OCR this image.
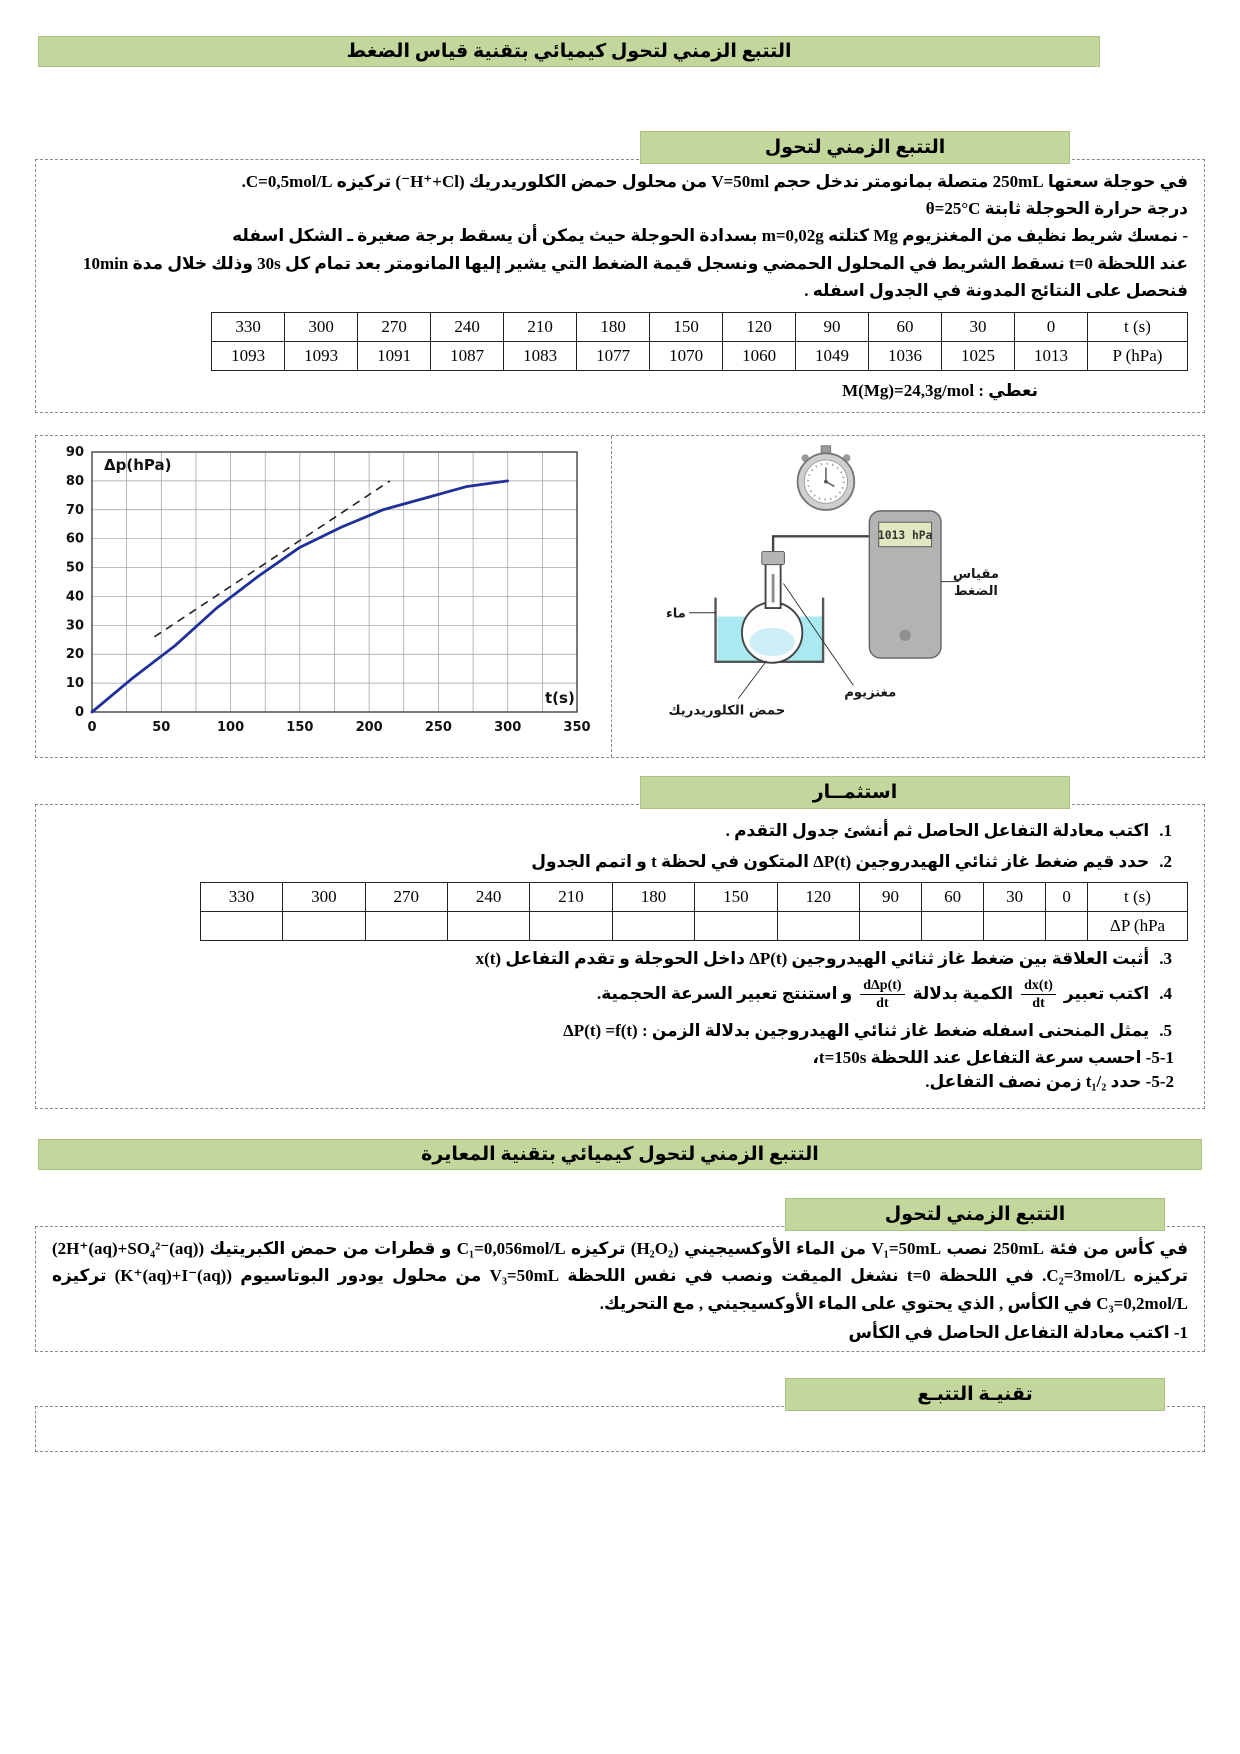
التتبع الزمني لتحول كيميائي بتقنية قياس الضغط
التتبع الزمني لتحول

في حوجلة سعتها 250mL متصلة بمانومتر ندخل حجم V=50ml من محلول حمض الكلوريدريك (H⁺+Cl⁻) تركيزه C=0,5mol/L.

درجة حرارة الحوجلة ثابتة θ=25°C

- نمسك شريط نظيف من المغنزيوم Mg كتلته m=0,02g بسدادة الحوجلة حيث يمكن أن يسقط برجة صغيرة ـ الشكل اسفله

عند اللحظة t=0 نسقط الشريط في المحلول الحمضي ونسجل قيمة الضغط التي يشير إليها المانومتر بعد تمام كل 30s وذلك خلال مدة 10min

فنحصل على النتائج المدونة في الجدول اسفله .

t (s)	0	30	60	90	120	150	180	210	240	270	300	330
P (hPa)	1013	1025	1036	1049	1060	1070	1077	1083	1087	1091	1093	1093

نعطي : M(Mg)=24,3g/mol

0	50	100	150	200	250	300	350
0
10
20
30
40
50
60
70
80
90
Δp(hPa)
t(s)
1013 hPa
مقياس
الضغط
ماء
مغنزيوم
حمض الكلوريدريك
استثمــار
1.اكتب معادلة التفاعل الحاصل ثم أنشئ جدول التقدم .
2.حدد قيم ضغط غاز ثنائي الهيدروجين ΔP(t) المتكون في لحظة t و اتمم الجدول
t (s)	0	30	60	90	120	150	180	210	240	270	300	330
ΔP (hPa												
3.أثبت العلاقة بين ضغط غاز ثنائي الهيدروجين ΔP(t) داخل الحوجلة و تقدم التفاعل x(t)
4.اكتب تعبير
$\frac{dx(t)}{dt}$
الكمية بدلالة
$\frac{\text{dΔp(t)}}{dt}$
و استنتج تعبير السرعة الحجمية.
5.يمثل المنحنى اسفله ضغط غاز ثنائي الهيدروجين بدلالة الزمن : ΔP(t) =f(t)
5-1- احسب سرعة التفاعل عند اللحظة t=150s،
5-2- حدد t₁/₂ زمن نصف التفاعل.
التتبع الزمني لتحول كيميائي بتقنية المعايرة
التتبع الزمني لتحول

في كأس من فئة 250mL نصب V₁=50mL من الماء الأوكسيجيني (H₂O₂) تركيزه C₁=0,056mol/L و قطرات من حمض الكبريتيك (2H⁺(aq)+SO₄²⁻(aq)) تركيزه C₂=3mol/L. في اللحظة t=0 نشغل الميقت ونصب في نفس اللحظة V₃=50mL من محلول يودور البوتاسيوم (K⁺(aq)+I⁻(aq)) تركيزه C₃=0,2mol/L في الكأس , الذي يحتوي على الماء الأوكسيجيني , مع التحريك.

1- اكتب معادلة التفاعل الحاصل في الكأس

تقنيـة التتبـع
